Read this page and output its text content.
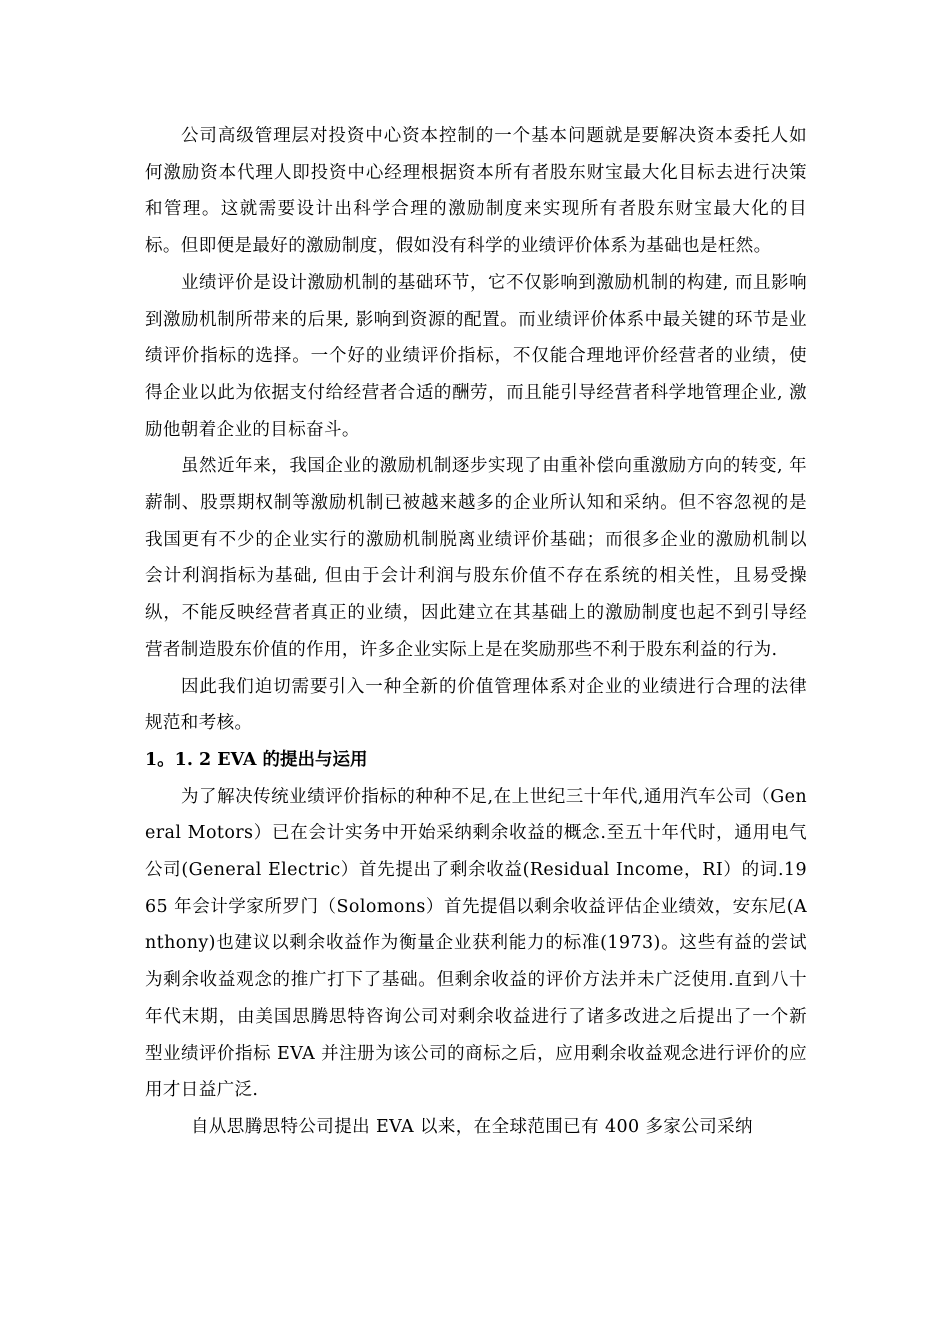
公司高级管理层对投资中心资本控制的一个基本问题就是要解决资本委托人如何激励资本代理人即投资中心经理根据资本所有者股东财宝最大化目标去进行决策和管理。这就需要设计出科学合理的激励制度来实现所有者股东财宝最大化的目标。但即便是最好的激励制度，假如没有科学的业绩评价体系为基础也是枉然。

业绩评价是设计激励机制的基础环节，它不仅影响到激励机制的构建, 而且影响到激励机制所带来的后果, 影响到资源的配置。而业绩评价体系中最关键的环节是业绩评价指标的选择。一个好的业绩评价指标，不仅能合理地评价经营者的业绩，使得企业以此为依据支付给经营者合适的酬劳，而且能引导经营者科学地管理企业, 激励他朝着企业的目标奋斗。

虽然近年来，我国企业的激励机制逐步实现了由重补偿向重激励方向的转变, 年薪制、股票期权制等激励机制已被越来越多的企业所认知和采纳。但不容忽视的是我国更有不少的企业实行的激励机制脱离业绩评价基础；而很多企业的激励机制以会计利润指标为基础, 但由于会计利润与股东价值不存在系统的相关性，且易受操纵，不能反映经营者真正的业绩，因此建立在其基础上的激励制度也起不到引导经营者制造股东价值的作用，许多企业实际上是在奖励那些不利于股东利益的行为.

因此我们迫切需要引入一种全新的价值管理体系对企业的业绩进行合理的法律规范和考核。

1。1. 2 EVA 的提出与运用

为了解决传统业绩评价指标的种种不足,在上世纪三十年代,通用汽车公司（General Motors）已在会计实务中开始采纳剩余收益的概念.至五十年代时，通用电气公司(General Electric）首先提出了剩余收益(Residual Income，RI）的词.1965 年会计学家所罗门（Solomons）首先提倡以剩余收益评估企业绩效，安东尼(Anthony)也建议以剩余收益作为衡量企业获利能力的标准(1973)。这些有益的尝试为剩余收益观念的推广打下了基础。但剩余收益的评价方法并未广泛使用.直到八十年代末期，由美国思腾思特咨询公司对剩余收益进行了诸多改进之后提出了一个新型业绩评价指标 EVA 并注册为该公司的商标之后，应用剩余收益观念进行评价的应用才日益广泛.

自从思腾思特公司提出 EVA 以来，在全球范围已有 400 多家公司采纳
